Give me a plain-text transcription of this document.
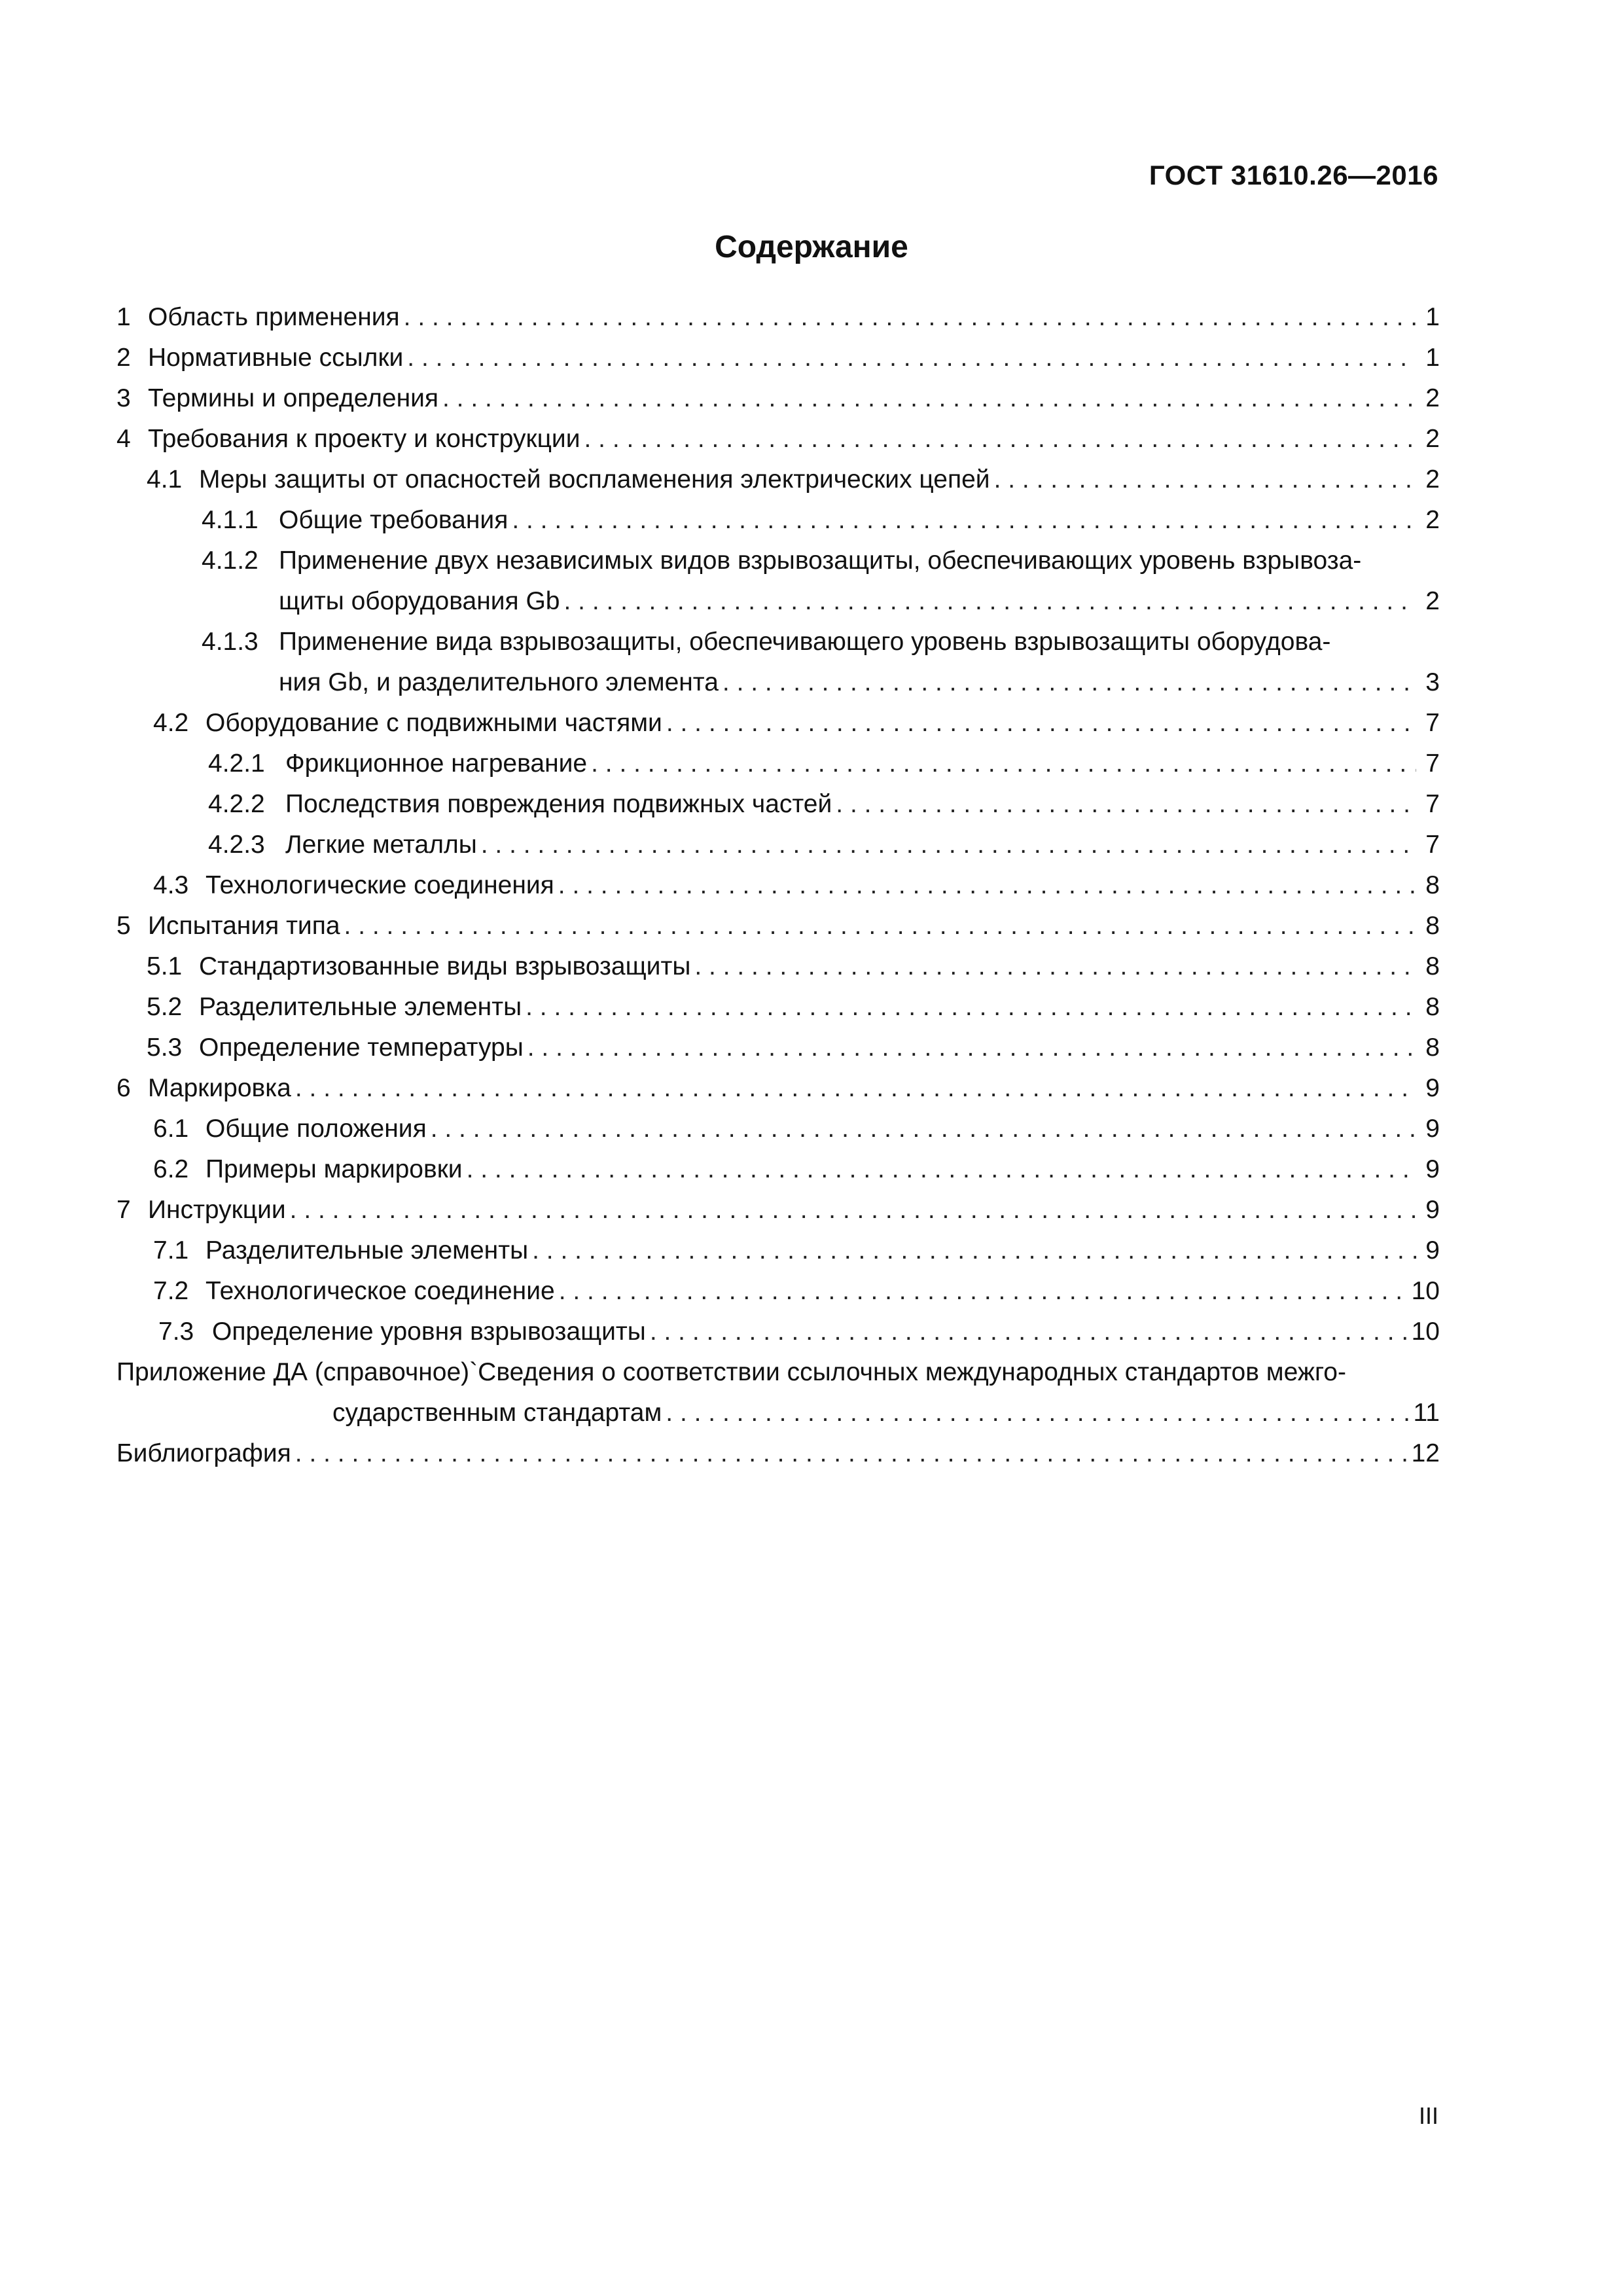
ГОСТ 31610.26—2016
Содержание
1 Область применения . . .	1
2 Нормативные ссылки . . .	1
3 Термины и определения . . .	2
4 Требования к проекту и конструкции . . .	2
4.1 Меры защиты от опасностей воспламенения электрических цепей . . .	2
4.1.1 Общие требования . . .	2
4.1.2 Применение двух независимых видов взрывозащиты, обеспечивающих уровень взрывоза-
щиты оборудования Gb . . .	2
4.1.3 Применение вида взрывозащиты, обеспечивающего уровень взрывозащиты оборудова-
ния Gb, и разделительного элемента . . .	3
4.2 Оборудование с подвижными частями . . .	7
4.2.1 Фрикционное нагревание . . .	7
4.2.2 Последствия повреждения подвижных частей . . .	7
4.2.3 Легкие металлы . . .	7
4.3 Технологические соединения . . .	8
5 Испытания типа . . .	8
5.1 Стандартизованные виды взрывозащиты . . .	8
5.2 Разделительные элементы . . .	8
5.3 Определение температуры . . .	8
6 Маркировка . . .	9
6.1 Общие положения . . .	9
6.2 Примеры маркировки . . .	9
7 Инструкции . . .	9
7.1 Разделительные элементы . . .	9
7.2 Технологическое соединение . . .	10
7.3 Определение уровня взрывозащиты . . .	10
Приложение ДА (справочное)`Сведения о соответствии ссылочных международных стандартов межго-
сударственным стандартам . . .	11
Библиография . . .	12
III
